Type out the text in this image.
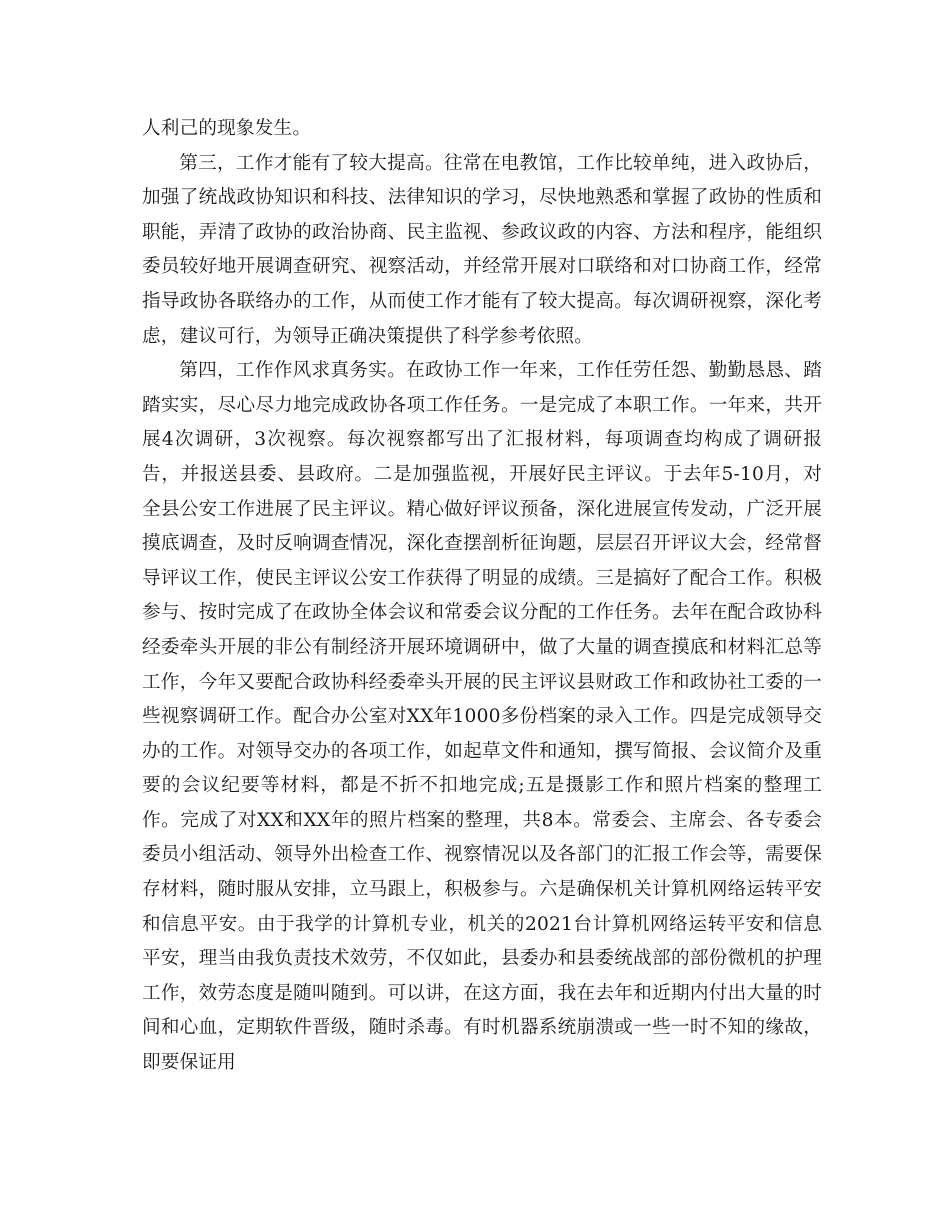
人利己的现象发生。

第三，工作才能有了较大提高。往常在电教馆，工作比较单纯，进入政协后，加强了统战政协知识和科技、法律知识的学习，尽快地熟悉和掌握了政协的性质和职能，弄清了政协的政治协商、民主监视、参政议政的内容、方法和程序，能组织委员较好地开展调查研究、视察活动，并经常开展对口联络和对口协商工作，经常指导政协各联络办的工作，从而使工作才能有了较大提高。每次调研视察，深化考虑，建议可行，为领导正确决策提供了科学参考依照。

第四，工作作风求真务实。在政协工作一年来，工作任劳任怨、勤勤恳恳、踏踏实实，尽心尽力地完成政协各项工作任务。一是完成了本职工作。一年来，共开展4次调研，3次视察。每次视察都写出了汇报材料，每项调查均构成了调研报告，并报送县委、县政府。二是加强监视，开展好民主评议。于去年5-10月，对全县公安工作进展了民主评议。精心做好评议预备，深化进展宣传发动，广泛开展摸底调查，及时反响调查情况，深化查摆剖析征询题，层层召开评议大会，经常督导评议工作，使民主评议公安工作获得了明显的成绩。三是搞好了配合工作。积极参与、按时完成了在政协全体会议和常委会议分配的工作任务。去年在配合政协科经委牵头开展的非公有制经济开展环境调研中，做了大量的调查摸底和材料汇总等工作，今年又要配合政协科经委牵头开展的民主评议县财政工作和政协社工委的一些视察调研工作。配合办公室对XX年1000多份档案的录入工作。四是完成领导交办的工作。对领导交办的各项工作，如起草文件和通知，撰写简报、会议简介及重要的会议纪要等材料，都是不折不扣地完成;五是摄影工作和照片档案的整理工作。完成了对XX和XX年的照片档案的整理，共8本。常委会、主席会、各专委会委员小组活动、领导外出检查工作、视察情况以及各部门的汇报工作会等，需要保存材料，随时服从安排，立马跟上，积极参与。六是确保机关计算机网络运转平安和信息平安。由于我学的计算机专业，机关的2021台计算机网络运转平安和信息平安，理当由我负责技术效劳，不仅如此，县委办和县委统战部的部份微机的护理工作，效劳态度是随叫随到。可以讲，在这方面，我在去年和近期内付出大量的时间和心血，定期软件晋级，随时杀毒。有时机器系统崩溃或一些一时不知的缘故，即要保证用
